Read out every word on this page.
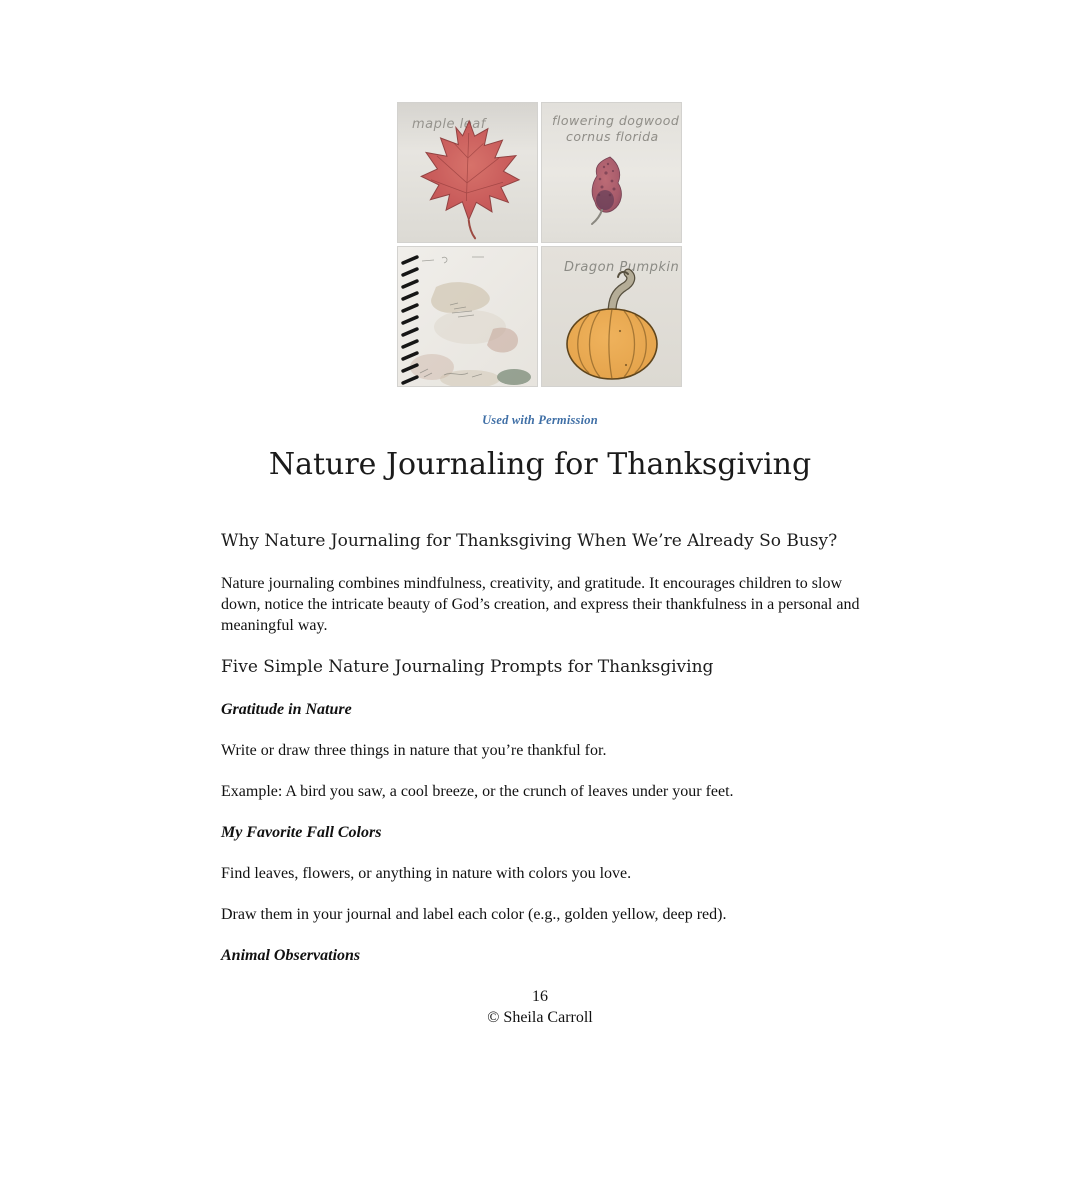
maple leaf	flowering dogwood
cornus florida
Dragon Pumpkin
Used with Permission
Nature Journaling for Thanksgiving
Why Nature Journaling for Thanksgiving When We’re Already So Busy?

Nature journaling combines mindfulness, creativity, and gratitude. It encourages children to slow down, notice the intricate beauty of God’s creation, and express their thankfulness in a personal and meaningful way.

Five Simple Nature Journaling Prompts for Thanksgiving
Gratitude in Nature

Write or draw three things in nature that you’re thankful for.

Example: A bird you saw, a cool breeze, or the crunch of leaves under your feet.

My Favorite Fall Colors

Find leaves, flowers, or anything in nature with colors you love.

Draw them in your journal and label each color (e.g., golden yellow, deep red).

Animal Observations
16
© Sheila Carroll
